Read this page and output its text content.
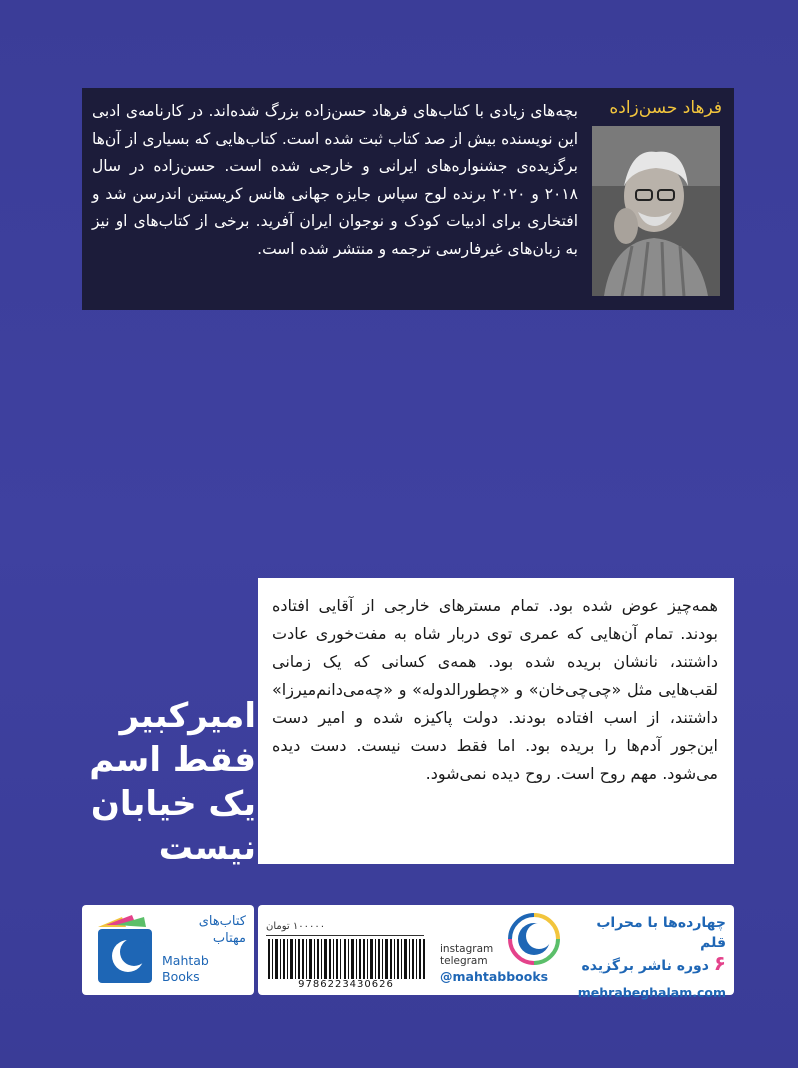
فرهاد حسن‌زاده
بچه‌های زیادی با کتاب‌های فرهاد حسن‌زاده بزرگ شده‌اند. در کارنامه‌ی ادبی این نویسنده بیش از صد کتاب ثبت شده است. کتاب‌هایی که بسیاری از آن‌ها برگزیده‌ی جشنواره‌های ایرانی و خارجی شده است. حسن‌زاده در سال ۲۰۱۸ و ۲۰۲۰ برنده لوح سپاس جایزه جهانی هانس کریستین اندرسن شد و افتخاری برای ادبیات کودک و نوجوان ایران آفرید. برخی از کتاب‌های او نیز به زبان‌های غیرفارسی ترجمه و منتشر شده است.
همه‌چیز عوض شده بود. تمام مسترهای خارجی از آقایی افتاده بودند. تمام آن‌هایی که عمری توی دربار شاه به مفت‌خوری عادت داشتند، نانشان بریده شده بود. همه‌ی کسانی که یک زمانی لقب‌هایی مثل «چی‌چی‌خان» و «چطورالدوله» و «چه‌می‌دانم‌میرزا» داشتند، از اسب افتاده بودند. دولت پاکیزه شده و امیر دست این‌جور آدم‌ها را بریده بود. اما فقط دست نیست. دست دیده می‌شود. مهم روح است. روح دیده نمی‌شود.
امیرکبیر
فقط اسم
یک خیابان
نیست
کتاب‌های
مهتاب
Mahtab
Books
۱۰۰۰۰۰ تومان
9786223430626
instagram
telegram
@mahtabbooks
چهارده‌ها با محراب قلم
۶ دوره ناشر برگزیده
mehrabeghalam.com
